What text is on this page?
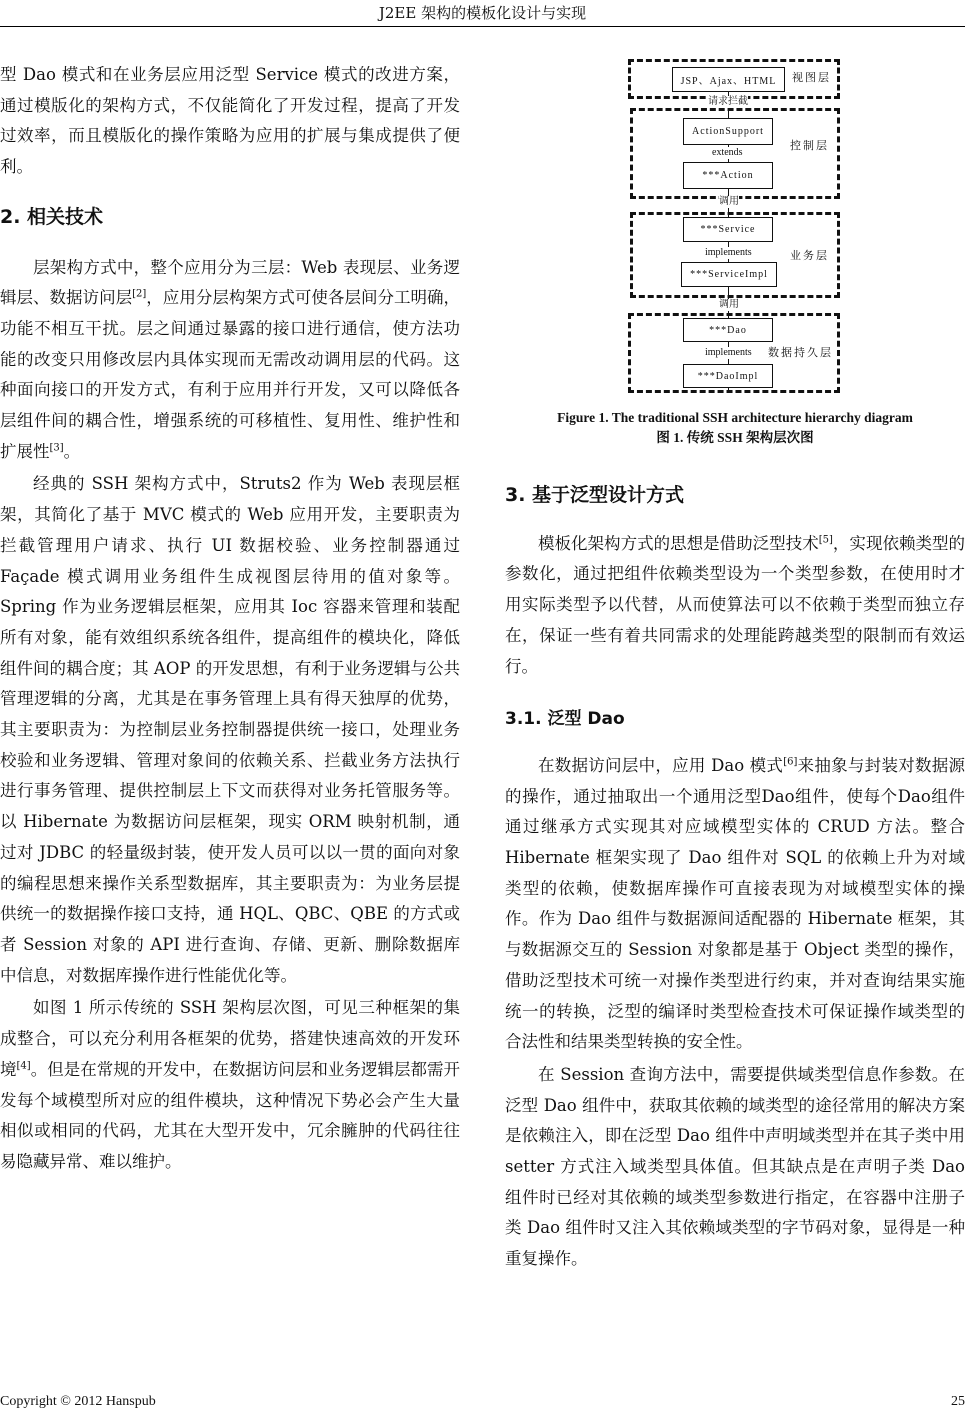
J2EE 架构的模板化设计与实现

型 Dao 模式和在业务层应用泛型 Service 模式的改进方案，通过模版化的架构方式，不仅能简化了开发过程，提高了开发过效率，而且模版化的操作策略为应用的扩展与集成提供了便利。

2. 相关技术

层架构方式中，整个应用分为三层：Web 表现层、业务逻辑层、数据访问层[2]，应用分层构架方式可使各层间分工明确，功能不相互干扰。层之间通过暴露的接口进行通信，使方法功能的改变只用修改层内具体实现而无需改动调用层的代码。这种面向接口的开发方式，有利于应用并行开发，又可以降低各层组件间的耦合性，增强系统的可移植性、复用性、维护性和扩展性[3]。

经典的 SSH 架构方式中，Struts2 作为 Web 表现层框架，其简化了基于 MVC 模式的 Web 应用开发，主要职责为拦截管理用户请求、执行 UI 数据校验、业务控制器通过 Façade 模式调用业务组件生成视图层待用的值对象等。Spring 作为业务逻辑层框架，应用其 Ioc 容器来管理和装配所有对象，能有效组织系统各组件，提高组件的模块化，降低组件间的耦合度；其 AOP 的开发思想，有利于业务逻辑与公共管理逻辑的分离，尤其是在事务管理上具有得天独厚的优势，其主要职责为：为控制层业务控制器提供统一接口，处理业务校验和业务逻辑、管理对象间的依赖关系、拦截业务方法执行进行事务管理、提供控制层上下文而获得对业务托管服务等。以 Hibernate 为数据访问层框架，现实 ORM 映射机制，通过对 JDBC 的轻量级封装，使开发人员可以以一贯的面向对象的编程思想来操作关系型数据库，其主要职责为：为业务层提供统一的数据操作接口支持，通 HQL、QBC、QBE 的方式或者 Session 对象的 API 进行查询、存储、更新、删除数据库中信息，对数据库操作进行性能优化等。

如图 1 所示传统的 SSH 架构层次图，可见三种框架的集成整合，可以充分利用各框架的优势，搭建快速高效的开发环境[4]。但是在常规的开发中，在数据访问层和业务逻辑层都需开发每个域模型所对应的组件模块，这种情况下势必会产生大量相似或相同的代码，尤其在大型开发中，冗余臃肿的代码往往易隐藏异常、难以维护。

JSP、Ajax、HTML
ActionSupport
***Action
***Service
***ServiceImpl
***Dao
***DaoImpl
请求拦截
extends
调用
implements
调用
implements
视图层
控制层
业务层
数据持久层
Figure 1. The traditional SSH architecture hierarchy diagram
图 1. 传统 SSH 架构层次图
3. 基于泛型设计方式

模板化架构方式的思想是借助泛型技术[5]，实现依赖类型的参数化，通过把组件依赖类型设为一个类型参数，在使用时才用实际类型予以代替，从而使算法可以不依赖于类型而独立存在，保证一些有着共同需求的处理能跨越类型的限制而有效运行。

3.1. 泛型 Dao

在数据访问层中，应用 Dao 模式[6]来抽象与封装对数据源的操作，通过抽取出一个通用泛型Dao组件，使每个Dao组件通过继承方式实现其对应域模型实体的 CRUD 方法。整合 Hibernate 框架实现了 Dao 组件对 SQL 的依赖上升为对域类型的依赖，使数据库操作可直接表现为对域模型实体的操作。作为 Dao 组件与数据源间适配器的 Hibernate 框架，其与数据源交互的 Session 对象都是基于 Object 类型的操作，借助泛型技术可统一对操作类型进行约束，并对查询结果实施统一的转换，泛型的编译时类型检查技术可保证操作域类型的合法性和结果类型转换的安全性。

在 Session 查询方法中，需要提供域类型信息作参数。在泛型 Dao 组件中，获取其依赖的域类型的途径常用的解决方案是依赖注入，即在泛型 Dao 组件中声明域类型并在其子类中用 setter 方式注入域类型具体值。但其缺点是在声明子类 Dao 组件时已经对其依赖的域类型参数进行指定，在容器中注册子类 Dao 组件时又注入其依赖域类型的字节码对象，显得是一种重复操作。

Copyright © 2012 Hanspub	25
